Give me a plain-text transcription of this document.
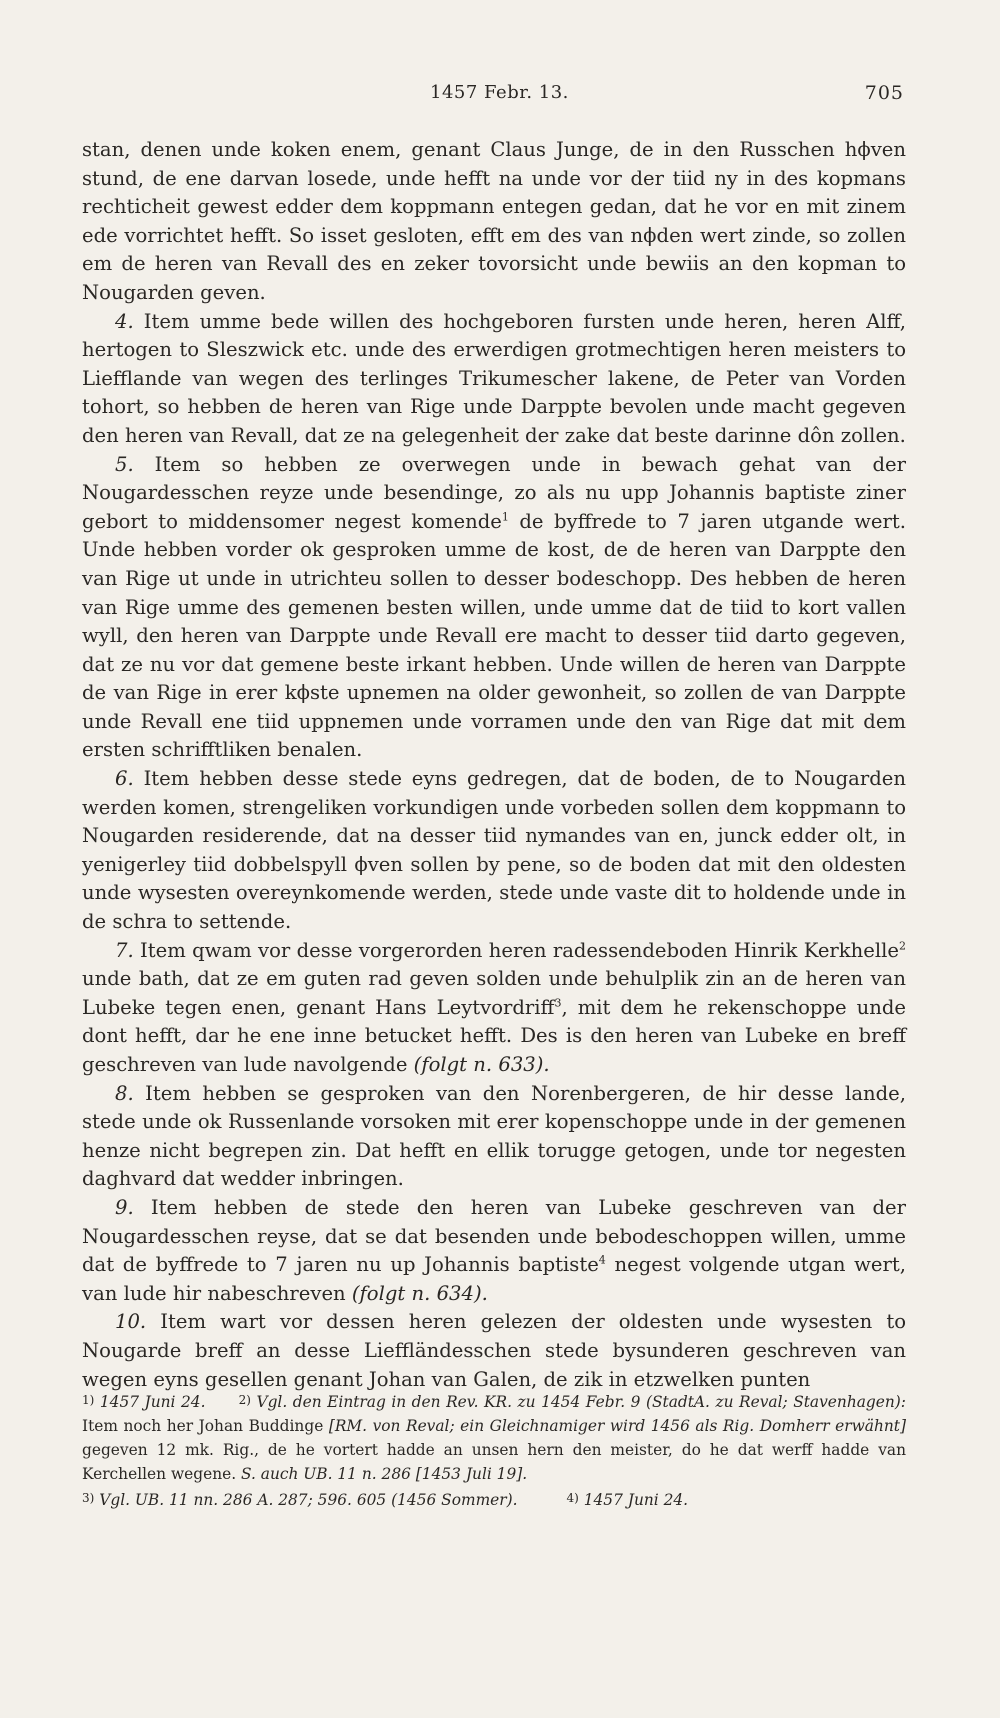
1457 Febr. 13.	705

stan, denen unde koken enem, genant Claus Junge, de in den Russchen hϕven stund, de ene darvan losede, unde hefft na unde vor der tiid ny in des kopmans rechticheit gewest edder dem koppmann entegen gedan, dat he vor en mit zinem ede vorrichtet hefft. So isset gesloten, efft em des van nϕden wert zinde, so zollen em de heren van Revall des en zeker tovorsicht unde bewiis an den kopman to Nougarden geven.

4. Item umme bede willen des hochgeboren fursten unde heren, heren Alff, hertogen to Sleszwick etc. unde des erwerdigen grotmechtigen heren meisters to Liefflande van wegen des terlinges Trikumescher lakene, de Peter van Vorden tohort, so hebben de heren van Rige unde Darppte bevolen unde macht gegeven den heren van Revall, dat ze na gelegenheit der zake dat beste darinne dôn zollen.

5. Item so hebben ze overwegen unde in bewach gehat van der Nougardesschen reyze unde besendinge, zo als nu upp Johannis baptiste ziner gebort to middensomer negest komende$^1$ de byffrede to 7 jaren utgande wert. Unde hebben vorder ok gesproken umme de kost, de de heren van Darppte den van Rige ut unde in utrichteu sollen to desser bodeschopp. Des hebben de heren van Rige umme des gemenen besten willen, unde umme dat de tiid to kort vallen wyll, den heren van Darppte unde Revall ere macht to desser tiid darto gegeven, dat ze nu vor dat gemene beste irkant hebben. Unde willen de heren van Darppte de van Rige in erer kϕste upnemen na older gewonheit, so zollen de van Darppte unde Revall ene tiid uppnemen unde vorramen unde den van Rige dat mit dem ersten schrifftliken benalen.

6. Item hebben desse stede eyns gedregen, dat de boden, de to Nougarden werden komen, strengeliken vorkundigen unde vorbeden sollen dem koppmann to Nougarden residerende, dat na desser tiid nymandes van en, junck edder olt, in yenigerley tiid dobbelspyll ϕven sollen by pene, so de boden dat mit den oldesten unde wysesten overeynkomende werden, stede unde vaste dit to holdende unde in de schra to settende.

7. Item qwam vor desse vorgerorden heren radessendeboden Hinrik Kerkhelle$^2$ unde bath, dat ze em guten rad geven solden unde behulplik zin an de heren van Lubeke tegen enen, genant Hans Leytvordriff$^3$, mit dem he rekenschoppe unde dont hefft, dar he ene inne betucket hefft. Des is den heren van Lubeke en breff geschreven van lude navolgende (folgt n. 633).

8. Item hebben se gesproken van den Norenbergeren, de hir desse lande, stede unde ok Russenlande vorsoken mit erer kopenschoppe unde in der gemenen henze nicht begrepen zin. Dat hefft en ellik torugge getogen, unde tor negesten daghvard dat wedder inbringen.

9. Item hebben de stede den heren van Lubeke geschreven van der Nougardesschen reyse, dat se dat besenden unde bebodeschoppen willen, umme dat de byffrede to 7 jaren nu up Johannis baptiste$^4$ negest volgende utgan wert, van lude hir nabeschreven (folgt n. 634).

10. Item wart vor dessen heren gelezen der oldesten unde wysesten to Nougarde breff an desse Lieffländesschen stede bysunderen geschreven van wegen eyns gesellen genant Johan van Galen, de zik in etzwelken punten

1) 1457 Juni 24.	2) Vgl. den Eintrag in den Rev. KR. zu 1454 Febr. 9 (StadtA. zu Reval; Stavenhagen): Item noch her Johan Buddinge [RM. von Reval; ein Gleichnamiger wird 1456 als Rig. Domherr erwähnt] gegeven 12 mk. Rig., de he vortert hadde an unsen hern den meister, do he dat werff hadde van Kerchellen wegene. S. auch UB. 11 n. 286 [1453 Juli 19].

3) Vgl. UB. 11 nn. 286 A. 287; 596. 605 (1456 Sommer).	4) 1457 Juni 24.
